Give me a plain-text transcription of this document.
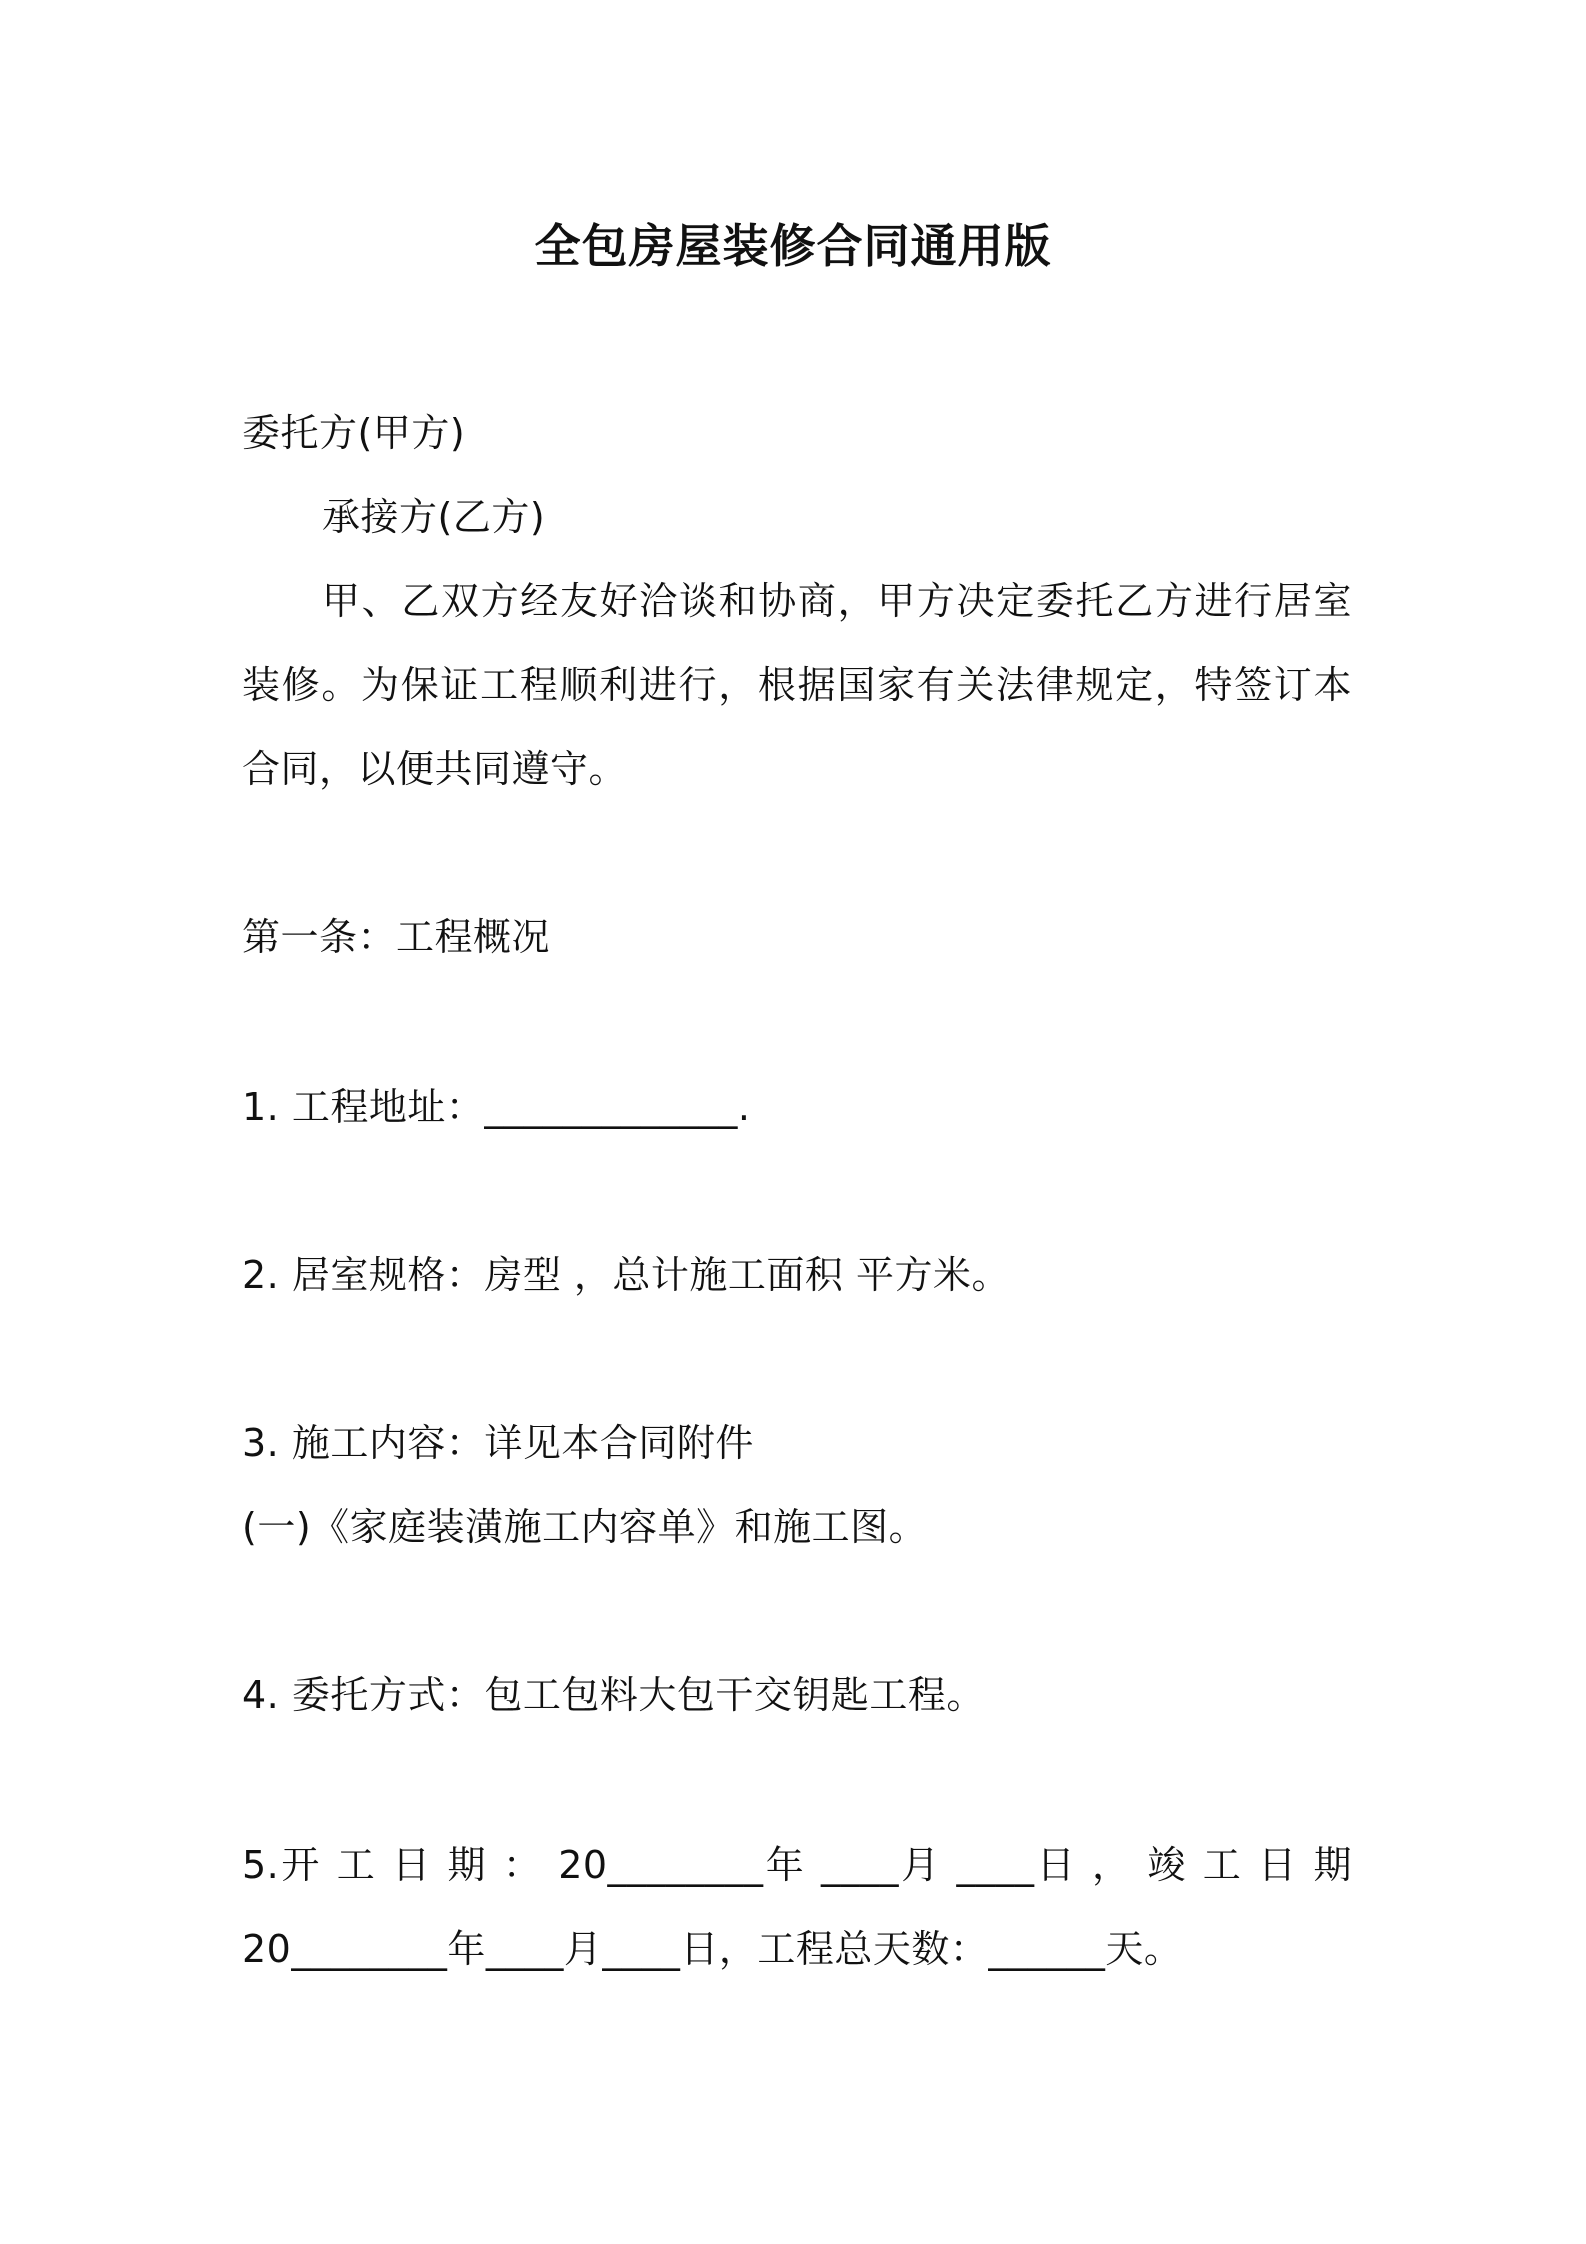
全包房屋装修合同通用版
委托方(甲方)
承接方(乙方)
甲、乙双方经友好洽谈和协商，甲方决定委托乙方进行居室
装修。为保证工程顺利进行，根据国家有关法律规定，特签订本
合同，以便共同遵守。
第一条：工程概况
1. 工程地址：_____________.
2. 居室规格：房型 ，总计施工面积 平方米。
3. 施工内容：详见本合同附件
(一)《家庭装潢施工内容单》和施工图。
4. 委托方式：包工包料大包干交钥匙工程。
5.开 工 日 期 ： 20________年 ____月 ____日 ， 竣 工 日 期
20________年____月____日，工程总天数：______天。
